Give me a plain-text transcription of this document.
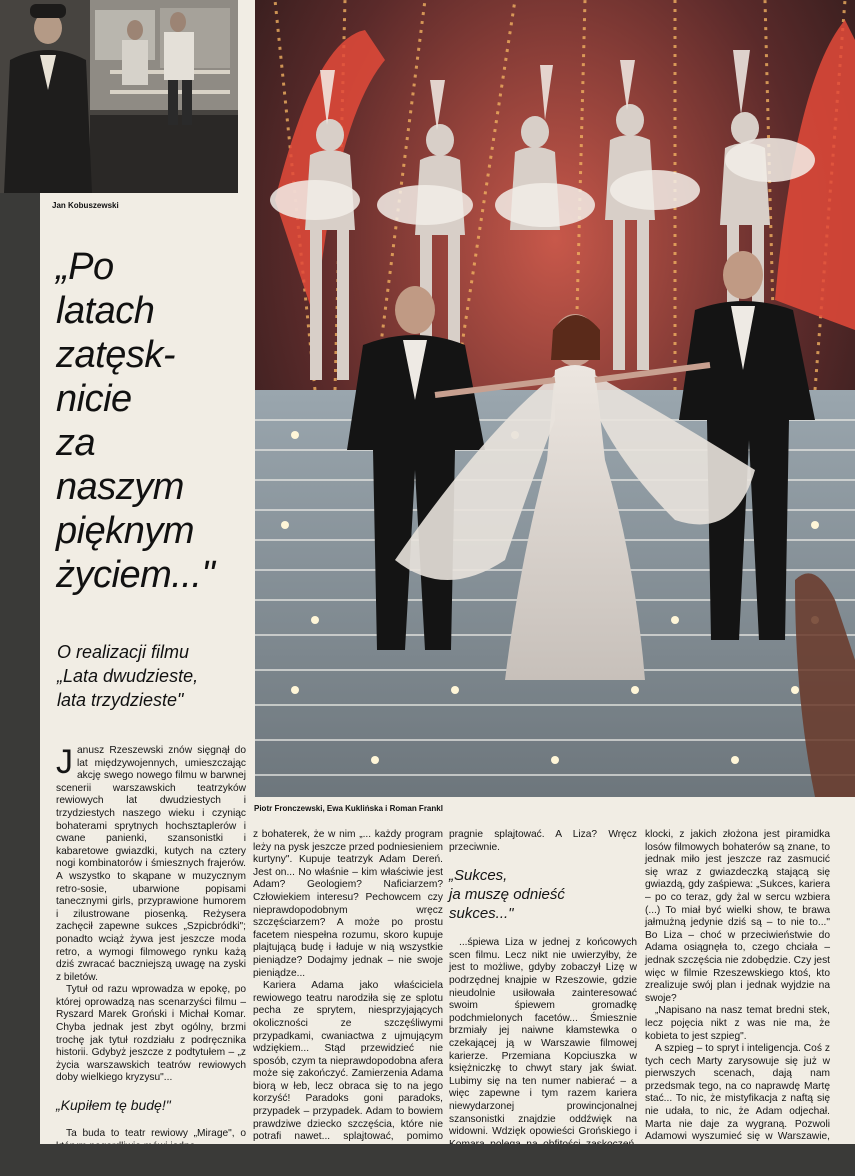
Jan Kobuszewski
Piotr Fronczewski, Ewa Kuklińska i Roman Frankl
„Po
latach
zatęsk-
nicie
za
naszym
pięknym
życiem..."
O realizacji filmu
„Lata dwudzieste,
lata trzydzieste"

Janusz Rzeszewski znów sięgnął do lat międzywojennych, umieszczając akcję swego nowego filmu w barwnej scenerii warszawskich teatrzyków rewiowych lat dwudziestych i trzydziestych naszego wieku i czyniąc bohaterami sprytnych hochsztaplerów i cwane panienki, szansonistki i kabaretowe gwiazdki, kutych na cztery nogi kombinatorów i śmiesznych frajerów. A wszystko to skąpane w muzycznym retro-sosie, ubarwione popisami tanecznymi girls, przyprawione humorem i zilustrowane piosenką. Reżysera zachęcił zapewne sukces „Szpicbródki"; ponadto wciąż żywa jest jeszcze moda retro, a wymogi filmowego rynku każą dziś zwracać baczniejszą uwagę na zyski z biletów.

Tytuł od razu wprowadza w epokę, po której oprowadzą nas scenarzyści filmu – Ryszard Marek Groński i Michał Komar. Chyba jednak jest zbyt ogólny, brzmi trochę jak tytuł rozdziału z podręcznika historii. Gdybyż jeszcze z podtytułem – „z życia warszawskich teatrów rewiowych doby wielkiego kryzysu"...

„Kupiłem tę budę!"

Ta buda to teatr rewiowy „Mirage", o

z bohaterek, że w nim „... każdy program leży na pysk jeszcze przed podniesieniem kurtyny". Kupuje teatrzyk Adam Dereń. Jest on... No właśnie – kim właściwie jest Adam? Geologiem? Naficiarzem? Człowiekiem interesu? Pechowcem czy nieprawdopodobnym wręcz szczęściarzem? A może po prostu facetem niespełna rozumu, skoro kupuje plajtującą budę i ładuje w nią wszystkie pieniądze? Dodajmy jednak – nie swoje pieniądze...

Kariera Adama jako właściciela rewiowego teatru narodziła się ze splotu pecha ze sprytem, niesprzyjających okoliczności ze szczęśliwymi przypadkami, cwaniactwa z ujmującym wdziękiem... Stąd przewidzieć nie sposób, czym ta nieprawdopodobna afera może się zakończyć. Zamierzenia Adama biorą w łeb, lecz obraca się to na jego korzyść! Paradoks goni paradoks, przypadek – przypadek. Adam to bowiem prawdziwe dziecko szczęścia, które nie potrafi nawet... splajtować, pomimo

pragnie splajtować. A Liza? Wręcz przeciwnie.

„Sukces,
ja muszę odnieść
sukces..."

...śpiewa Liza w jednej z końcowych scen filmu. Lecz nikt nie uwierzyłby, że jest to możliwe, gdyby zobaczył Lizę w podrzędnej knajpie w Rzeszowie, gdzie nieudolnie usiłowała zainteresować swoim śpiewem gromadkę podchmielonych facetów... Śmiesznie brzmiały jej naiwne kłamstewka o czekającej ją w Warszawie filmowej karierze. Przemiana Kopciuszka w księżniczkę to chwyt stary jak świat. Lubimy się na ten numer nabierać – a więc zapewne i tym razem kariera niewydarzonej prowincjonalnej szansonistki znajdzie oddźwięk na widowni. Wdzięk opowieści Grońskiego i

klocki, z jakich złożona jest piramidka losów filmowych bohaterów są znane, to jednak miło jest jeszcze raz zasmucić się wraz z gwiazdeczką stającą się gwiazdą, gdy zaśpiewa: „Sukces, kariera – po co teraz, gdy żal w sercu wzbiera (...) To miał być wielki show, te brawa jałmużną jedynie dziś są – to nie to..." Bo Liza – choć w przeciwieństwie do Adama osiągnęła to, czego chciała – jednak szczęścia nie zdobędzie. Czy jest więc w filmie Rzeszewskiego ktoś, kto zrealizuje swój plan i jednak wyjdzie na swoje?

„Napisano na nasz temat bredni stek, lecz pojęcia nikt z was nie ma, że kobieta to jest szpieg".

A szpieg – to spryt i inteligencja. Coś z tych cech Marty zarysowuje się już w pierwszych scenach, dają nam przedsmak tego, na co naprawdę Martę stać... To nic, że mistyfikacja z naftą się nie udała, to nic, że Adam odjechał. Marta nie daje za wygraną. Pozwoli Adamowi wyszumieć się w Warszawie,
